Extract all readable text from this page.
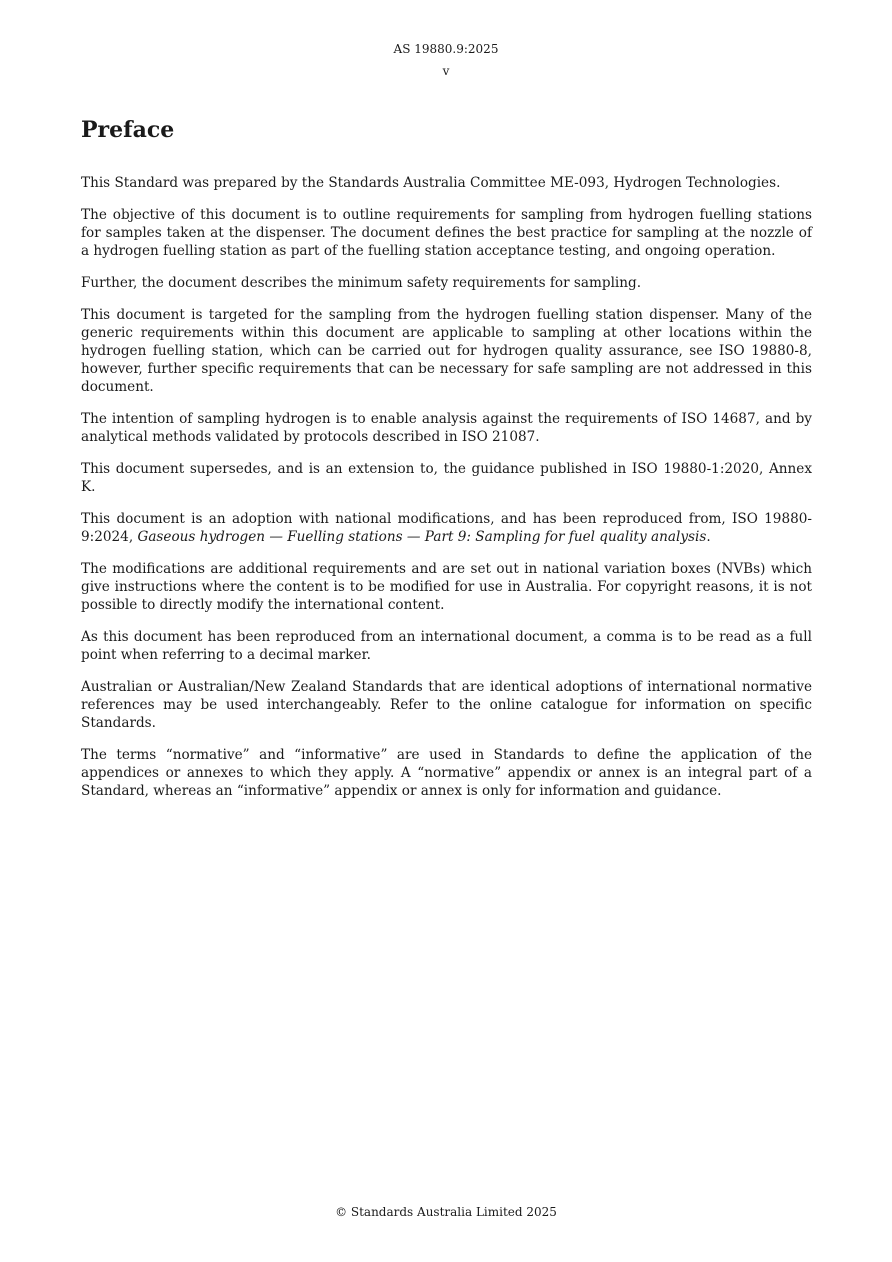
AS 19880.9:2025
v
Preface

This Standard was prepared by the Standards Australia Committee ME-093, Hydrogen Technologies.

The objective of this document is to outline requirements for sampling from hydrogen fuelling stations for samples taken at the dispenser. The document defines the best practice for sampling at the nozzle of a hydrogen fuelling station as part of the fuelling station acceptance testing, and ongoing operation.

Further, the document describes the minimum safety requirements for sampling.

This document is targeted for the sampling from the hydrogen fuelling station dispenser. Many of the generic requirements within this document are applicable to sampling at other locations within the hydrogen fuelling station, which can be carried out for hydrogen quality assurance, see ISO 19880-8, however, further specific requirements that can be necessary for safe sampling are not addressed in this document.

The intention of sampling hydrogen is to enable analysis against the requirements of ISO 14687, and by analytical methods validated by protocols described in ISO 21087.

This document supersedes, and is an extension to, the guidance published in ISO 19880-1:2020, Annex K.

This document is an adoption with national modifications, and has been reproduced from, ISO 19880-9:2024, Gaseous hydrogen — Fuelling stations — Part 9: Sampling for fuel quality analysis.

The modifications are additional requirements and are set out in national variation boxes (NVBs) which give instructions where the content is to be modified for use in Australia. For copyright reasons, it is not possible to directly modify the international content.

As this document has been reproduced from an international document, a comma is to be read as a full point when referring to a decimal marker.

Australian or Australian/New Zealand Standards that are identical adoptions of international normative references may be used interchangeably. Refer to the online catalogue for information on specific Standards.

The terms “normative” and “informative” are used in Standards to define the application of the appendices or annexes to which they apply. A “normative” appendix or annex is an integral part of a Standard, whereas an “informative” appendix or annex is only for information and guidance.

© Standards Australia Limited 2025
